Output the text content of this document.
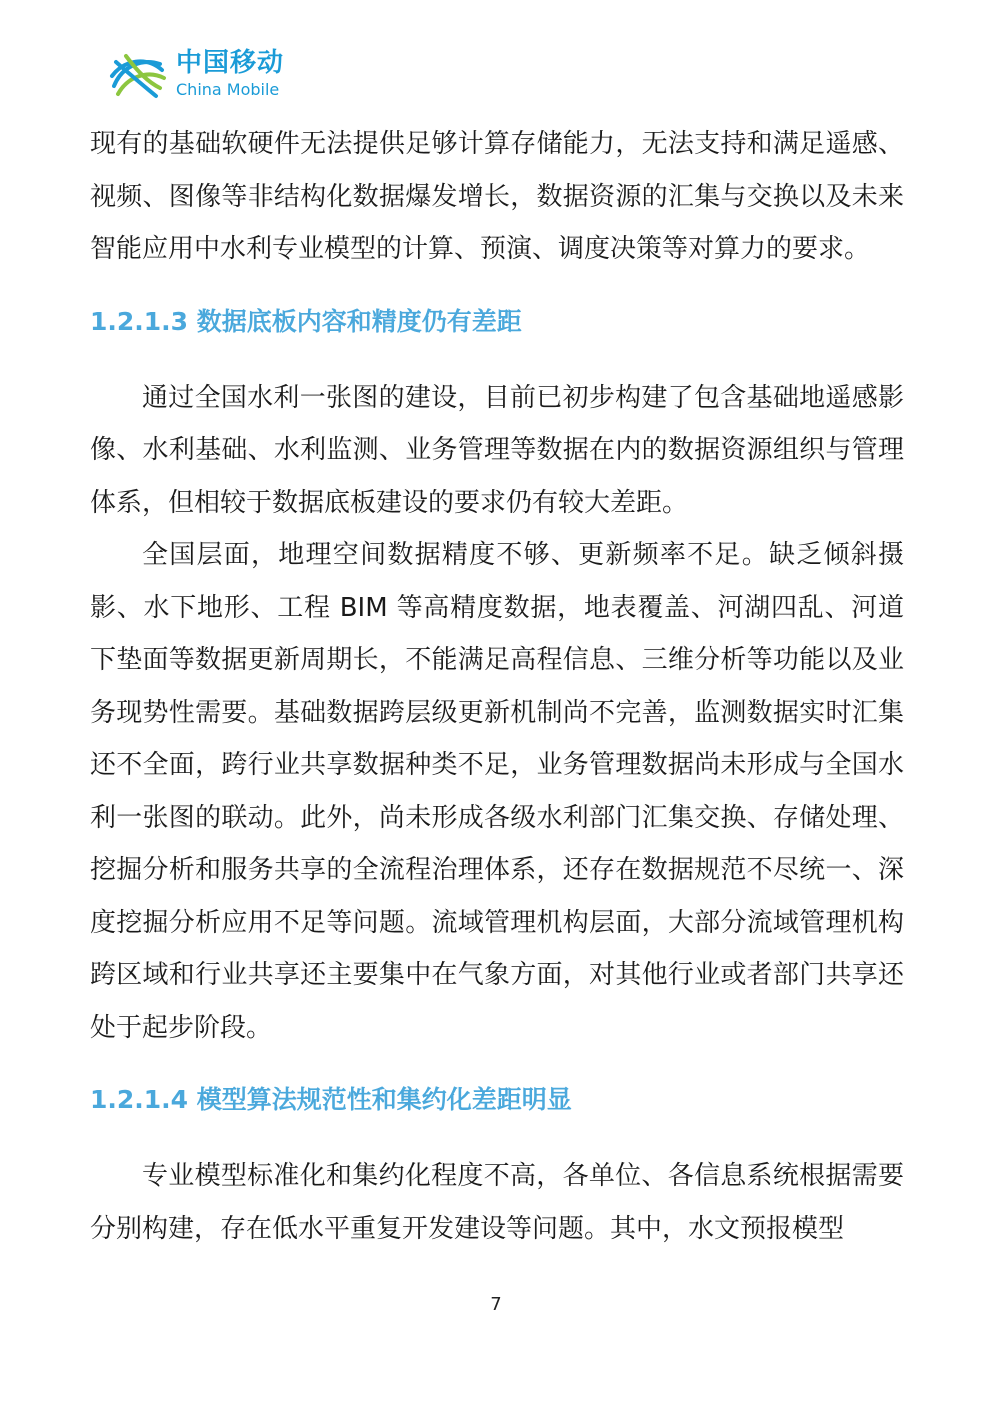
中国移动
China Mobile

现有的基础软硬件无法提供足够计算存储能力，无法支持和满足遥感、视频、图像等非结构化数据爆发增长，数据资源的汇集与交换以及未来智能应用中水利专业模型的计算、预演、调度决策等对算力的要求。

1.2.1.3 数据底板内容和精度仍有差距

通过全国水利一张图的建设，目前已初步构建了包含基础地遥感影像、水利基础、水利监测、业务管理等数据在内的数据资源组织与管理体系，但相较于数据底板建设的要求仍有较大差距。

全国层面，地理空间数据精度不够、更新频率不足。缺乏倾斜摄影、水下地形、工程 BIM 等高精度数据，地表覆盖、河湖四乱、河道下垫面等数据更新周期长，不能满足高程信息、三维分析等功能以及业务现势性需要。基础数据跨层级更新机制尚不完善，监测数据实时汇集还不全面，跨行业共享数据种类不足，业务管理数据尚未形成与全国水利一张图的联动。此外，尚未形成各级水利部门汇集交换、存储处理、挖掘分析和服务共享的全流程治理体系，还存在数据规范不尽统一、深度挖掘分析应用不足等问题。流域管理机构层面，大部分流域管理机构跨区域和行业共享还主要集中在气象方面，对其他行业或者部门共享还处于起步阶段。

1.2.1.4 模型算法规范性和集约化差距明显

专业模型标准化和集约化程度不高，各单位、各信息系统根据需要分别构建，存在低水平重复开发建设等问题。其中，水文预报模型

7
